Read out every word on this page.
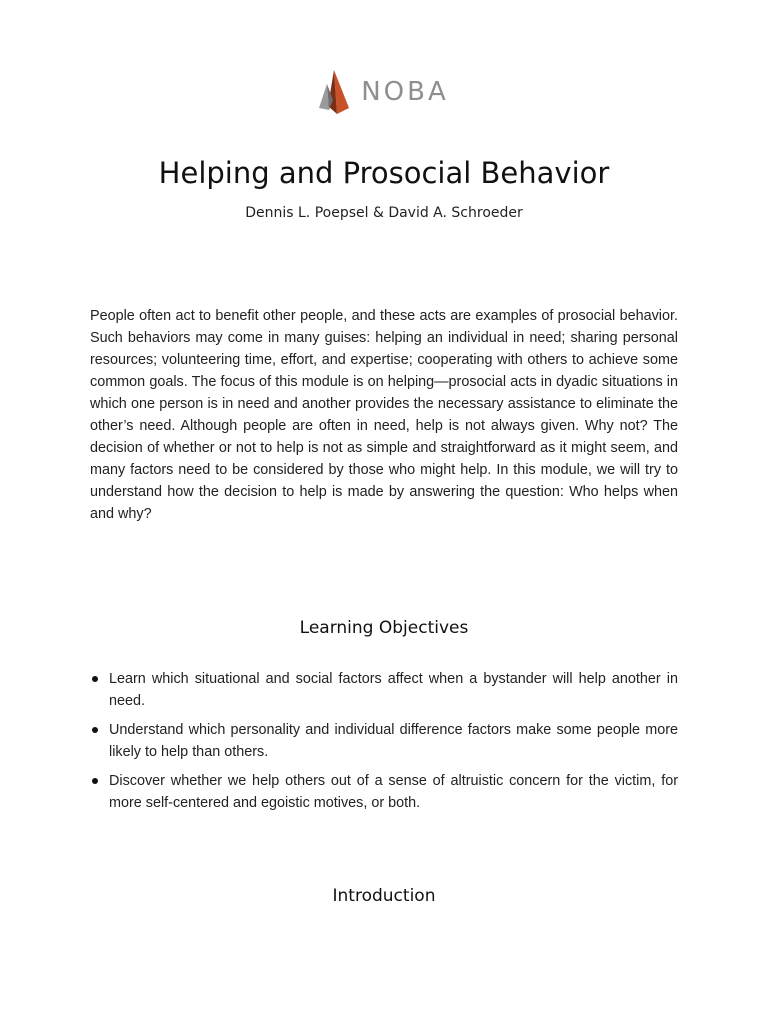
NOBA
Helping and Prosocial Behavior
Dennis L. Poepsel & David A. Schroeder

People often act to benefit other people, and these acts are examples of prosocial behavior. Such behaviors may come in many guises: helping an individual in need; sharing personal resources; volunteering time, effort, and expertise; cooperating with others to achieve some common goals. The focus of this module is on helping—prosocial acts in dyadic situations in which one person is in need and another provides the necessary assistance to eliminate the other’s need. Although people are often in need, help is not always given. Why not? The decision of whether or not to help is not as simple and straightforward as it might seem, and many factors need to be considered by those who might help. In this module, we will try to understand how the decision to help is made by answering the question: Who helps when and why?

Learning Objectives
Learn which situational and social factors affect when a bystander will help another in need.
Understand which personality and individual difference factors make some people more likely to help than others.
Discover whether we help others out of a sense of altruistic concern for the victim, for more self-centered and egoistic motives, or both.
Introduction
